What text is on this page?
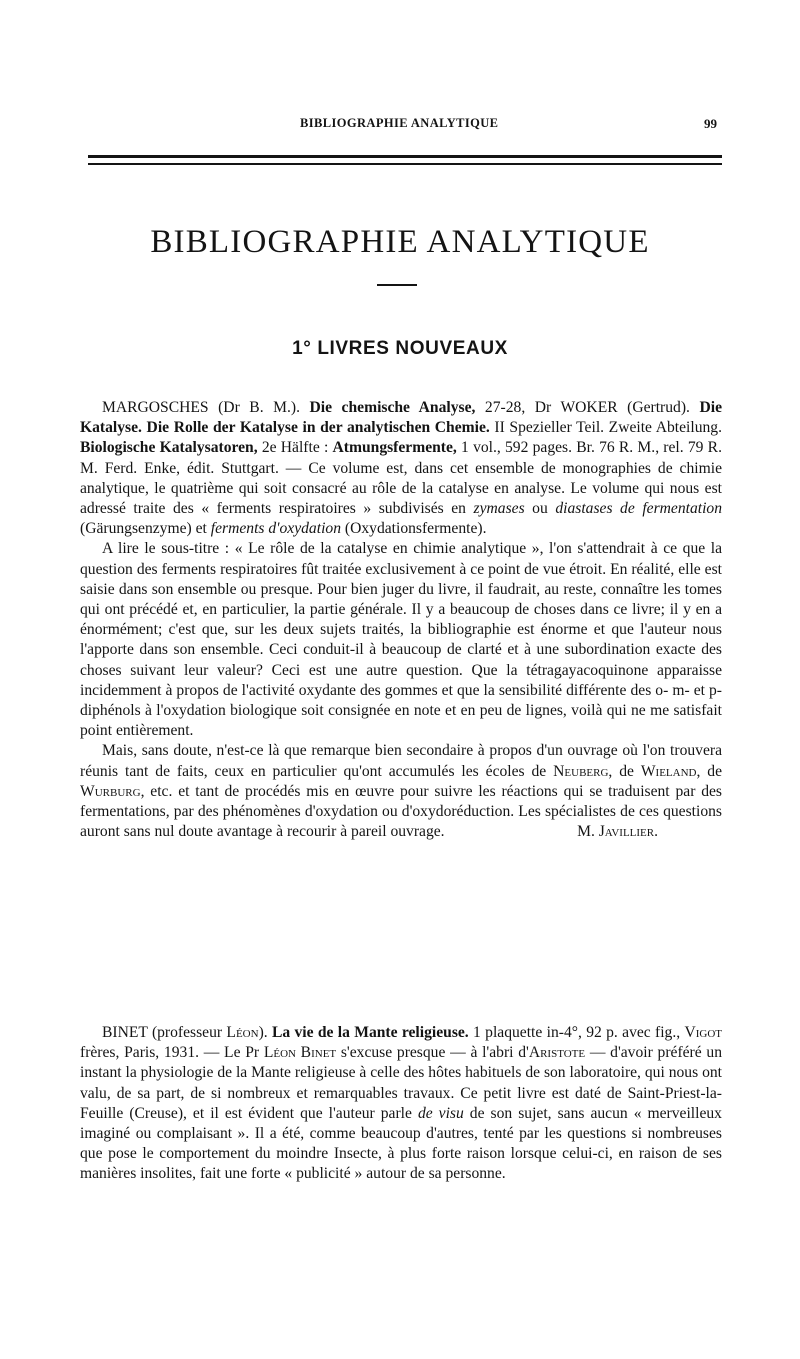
BIBLIOGRAPHIE ANALYTIQUE	99
BIBLIOGRAPHIE ANALYTIQUE
1° LIVRES NOUVEAUX

MARGOSCHES (Dr B. M.). Die chemische Analyse, 27-28, Dr WOKER (Gertrud). Die Katalyse. Die Rolle der Katalyse in der analytischen Chemie. II Spezieller Teil. Zweite Abteilung. Biologische Katalysatoren, 2e Hälfte : Atmungsfermente, 1 vol., 592 pages. Br. 76 R. M., rel. 79 R. M. Ferd. Enke, édit. Stuttgart. — Ce volume est, dans cet ensemble de monographies de chimie analytique, le quatrième qui soit consacré au rôle de la catalyse en analyse. Le volume qui nous est adressé traite des « ferments respiratoires » subdivisés en zymases ou diastases de fermentation (Gärungsenzyme) et ferments d'oxydation (Oxydationsfermente).

A lire le sous-titre : « Le rôle de la catalyse en chimie analytique », l'on s'attendrait à ce que la question des ferments respiratoires fût traitée exclusivement à ce point de vue étroit. En réalité, elle est saisie dans son ensemble ou presque. Pour bien juger du livre, il faudrait, au reste, connaître les tomes qui ont précédé et, en particulier, la partie générale. Il y a beaucoup de choses dans ce livre; il y en a énormément; c'est que, sur les deux sujets traités, la bibliographie est énorme et que l'auteur nous l'apporte dans son ensemble. Ceci conduit-il à beaucoup de clarté et à une subordination exacte des choses suivant leur valeur? Ceci est une autre question. Que la tétragayacoquinone apparaisse incidemment à propos de l'activité oxydante des gommes et que la sensibilité différente des o- m- et p-diphénols à l'oxydation biologique soit consignée en note et en peu de lignes, voilà qui ne me satisfait point entièrement.

Mais, sans doute, n'est-ce là que remarque bien secondaire à propos d'un ouvrage où l'on trouvera réunis tant de faits, ceux en particulier qu'ont accumulés les écoles de Neuberg, de Wieland, de Wurburg, etc. et tant de procédés mis en œuvre pour suivre les réactions qui se traduisent par des fermentations, par des phénomènes d'oxydation ou d'oxydoréduction. Les spécialistes de ces questions auront sans nul doute avantage à recourir à pareil ouvrage.	M. Javillier.

BINET (professeur Léon). La vie de la Mante religieuse. 1 plaquette in-4°, 92 p. avec fig., Vigot frères, Paris, 1931. — Le Pr Léon Binet s'excuse presque — à l'abri d'Aristote — d'avoir préféré un instant la physiologie de la Mante religieuse à celle des hôtes habituels de son laboratoire, qui nous ont valu, de sa part, de si nombreux et remarquables travaux. Ce petit livre est daté de Saint-Priest-la-Feuille (Creuse), et il est évident que l'auteur parle de visu de son sujet, sans aucun « merveilleux imaginé ou complaisant ». Il a été, comme beaucoup d'autres, tenté par les questions si nombreuses que pose le comportement du moindre Insecte, à plus forte raison lorsque celui-ci, en raison de ses manières insolites, fait une forte « publicité » autour de sa personne.
